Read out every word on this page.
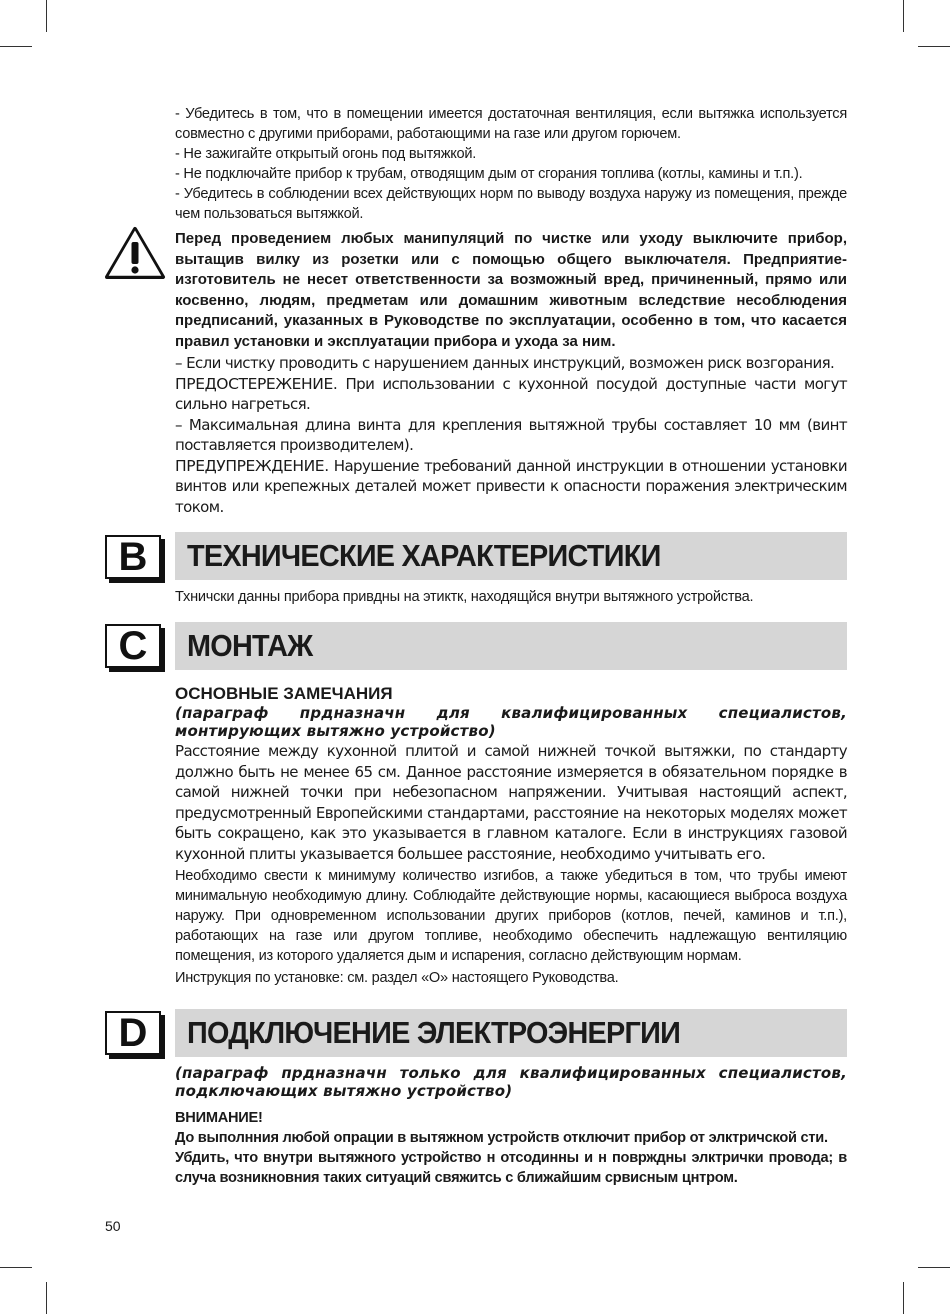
- Убедитесь в том, что в помещении имеется достаточная вентиляция, если вытяжка используется совместно с другими приборами, работающими на газе или другом горючем.

- Не зажигайте открытый огонь под вытяжкой.

- Не подключайте прибор к трубам, отводящим дым от сгорания топлива (котлы, камины и т.п.).

- Убедитесь в соблюдении всех действующих норм по выводу воздуха наружу из помещения, прежде чем пользоваться вытяжкой.

Перед проведением любых манипуляций по чистке или уходу выключите прибор, вытащив вилку из розетки или с помощью общего выключателя. Предприятие-изготовитель не несет ответственности за возможный вред, причиненный, прямо или косвенно, людям, предметам или домашним животным вследствие несоблюдения предписаний, указанных в Руководстве по эксплуатации, особенно в том, что касается правил установки и эксплуатации прибора и ухода за ним.

– Если чистку проводить с нарушением данных инструкций, возможен риск возгорания.

ПРЕДОСТЕРЕЖЕНИЕ. При использовании с кухонной посудой доступные части могут сильно нагреться.

– Максимальная длина винта для крепления вытяжной трубы составляет 10 мм (винт поставляется производителем).

ПРЕДУПРЕЖДЕНИЕ. Нарушение требований данной инструкции в отношении установки винтов или крепежных деталей может привести к опасности поражения электрическим током.

B	ТЕХНИЧЕСКИЕ ХАРАКТЕРИСТИКИ

Тхничски данны прибора привдны на этиктк, находящйся внутри вытяжного устройства.

C	МОНТАЖ

ОСНОВНЫЕ ЗАМЕЧАНИЯ

(параграф прдназначн для квалифицированных специалистов, монтирующих вытяжно устройство)

Расстояние между кухонной плитой и самой нижней точкой вытяжки, по стандарту должно быть не менее 65 см. Данное расстояние измеряется в обязательном порядке в самой нижней точки при небезопасном напряжении. Учитывая настоящий аспект, предусмотренный Европейскими стандартами, расстояние на некоторых моделях может быть сокращено, как это указывается в главном каталоге. Если в инструкциях газовой кухонной плиты указывается большее расстояние, необходимо учитывать его.

Необходимо свести к минимуму количество изгибов, а также убедиться в том, что трубы имеют минимальную необходимую длину. Соблюдайте действующие нормы, касающиеся выброса воздуха наружу. При одновременном использовании других приборов (котлов, печей, каминов и т.п.), работающих на газе или другом топливе, необходимо обеспечить надлежащую вентиляцию помещения, из которого удаляется дым и испарения, согласно действующим нормам.

Инструкция по установке: см. раздел «О» настоящего Руководства.

D	ПОДКЛЮЧЕНИЕ ЭЛЕКТРОЭНЕРГИИ

(параграф прдназначн только для квалифицированных специалистов, подключающих вытяжно устройство)

ВНИМАНИЕ!

До выполнния любой опрации в вытяжном устройств отключит прибор от элктричской сти.

Убдить, что внутри вытяжного устройство н отсодинны и н поврждны элктрички провода; в случа возникновния таких ситуаций свяжитсь с ближайшим срвисным цнтром.

50
